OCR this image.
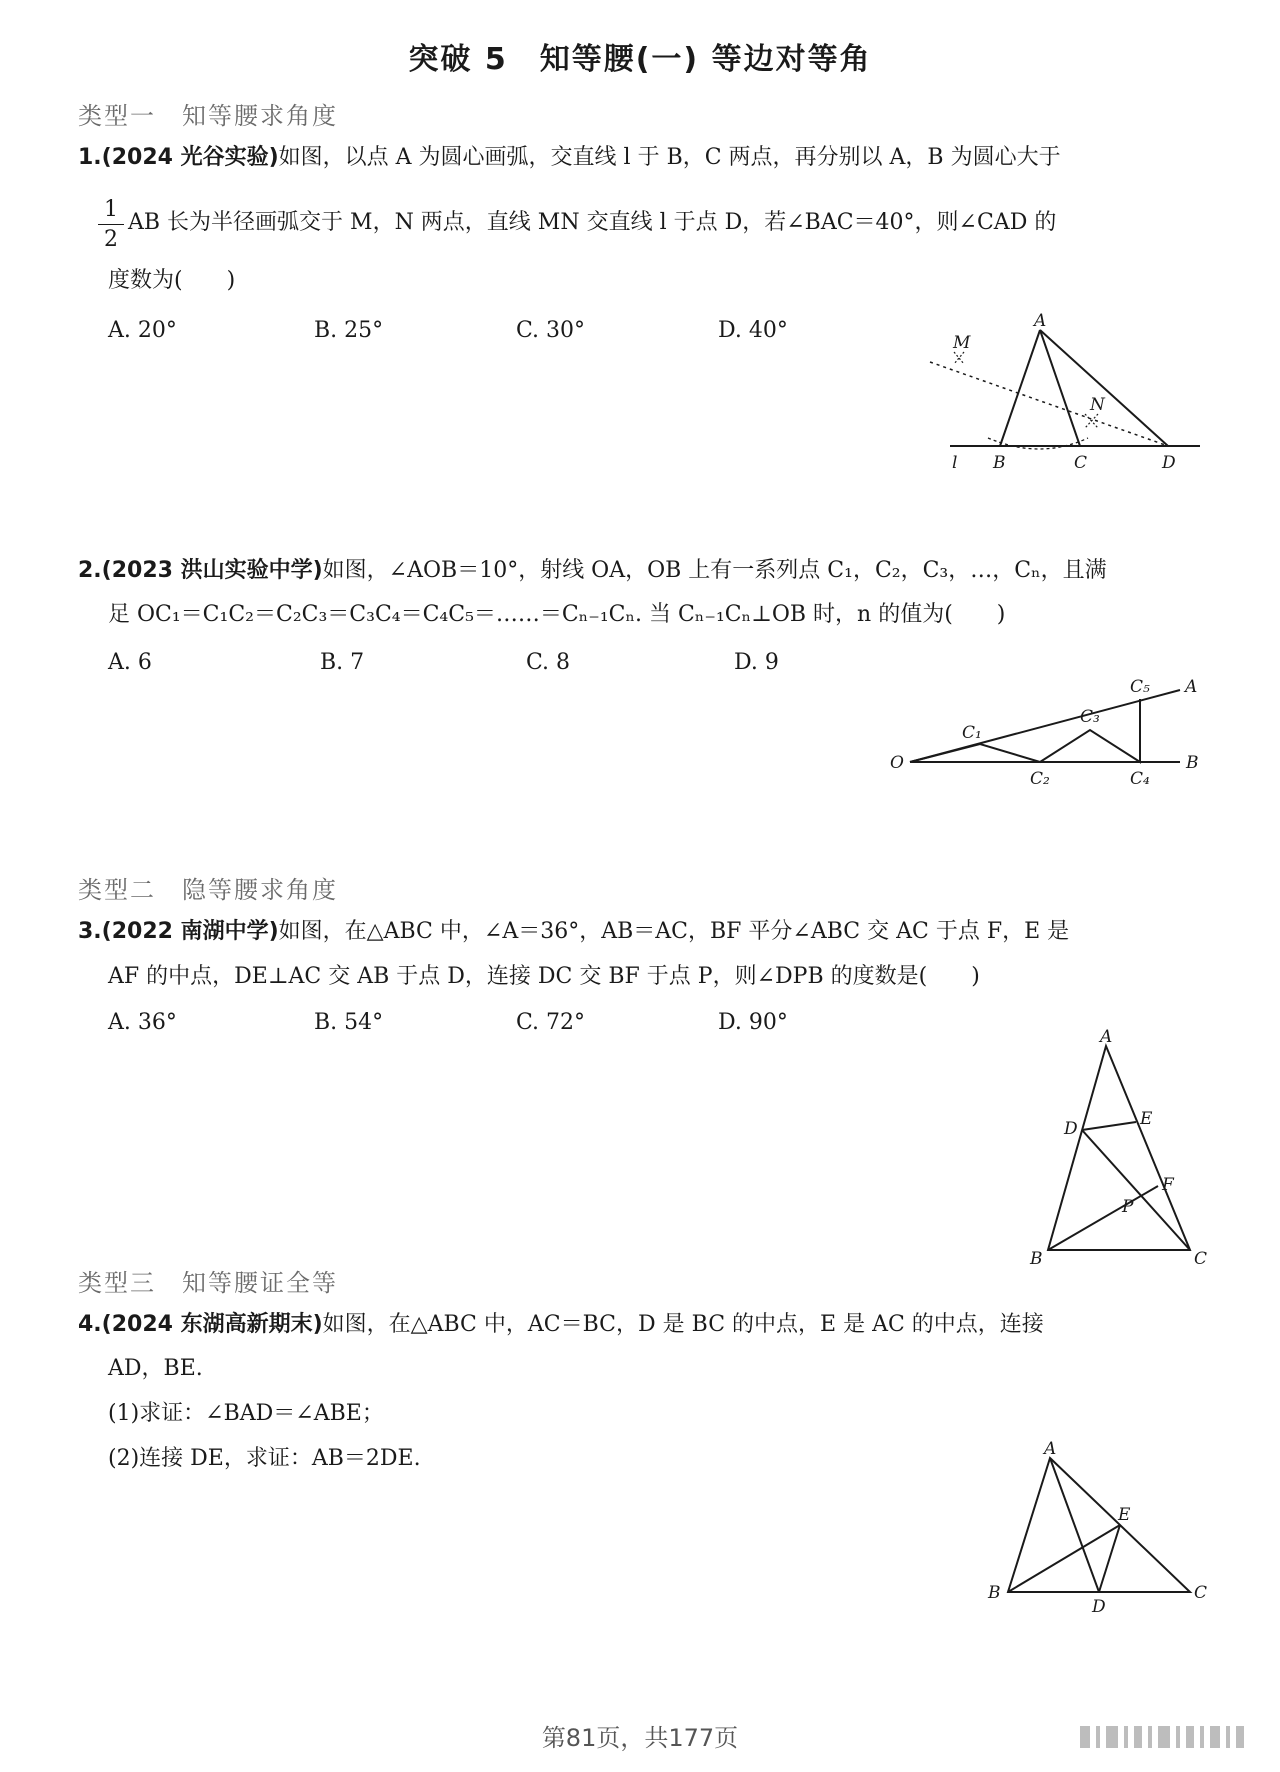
突破 5　知等腰(一) 等边对等角
类型一　知等腰求角度
1.(2024 光谷实验)如图，以点 A 为圆心画弧，交直线 l 于 B，C 两点，再分别以 A，B 为圆心大于
1
2
AB 长为半径画弧交于 M，N 两点，直线 MN 交直线 l 于点 D，若∠BAC＝40°，则∠CAD 的
度数为(　　)
A. 20°	B. 25°	C. 30°	D. 40°	M
A
N
l B	C	D
2.(2023 洪山实验中学)如图，∠AOB＝10°，射线 OA，OB 上有一系列点 C₁，C₂，C₃，…，Cₙ，且满
足 OC₁＝C₁C₂＝C₂C₃＝C₃C₄＝C₄C₅＝……＝Cₙ₋₁Cₙ. 当 Cₙ₋₁Cₙ⊥OB 时，n 的值为(　　)
A. 6	B. 7	C. 8	D. 9
O
C₁
C₂
C₃
C₄
C₅ A
B
类型二　隐等腰求角度
3.(2022 南湖中学)如图，在△ABC 中，∠A＝36°，AB＝AC，BF 平分∠ABC 交 AC 于点 F，E 是
AF 的中点，DE⊥AC 交 AB 于点 D，连接 DC 交 BF 于点 P，则∠DPB 的度数是(　　)
A. 36°	B. 54°	C. 72°	D. 90°
A
D	E
F
P
B	C
类型三　知等腰证全等
4.(2024 东湖高新期末)如图，在△ABC 中，AC＝BC，D 是 BC 的中点，E 是 AC 的中点，连接
AD，BE.
(1)求证：∠BAD＝∠ABE；
(2)连接 DE，求证：AB＝2DE.	A
E
B
D
C
第81页，共177页
